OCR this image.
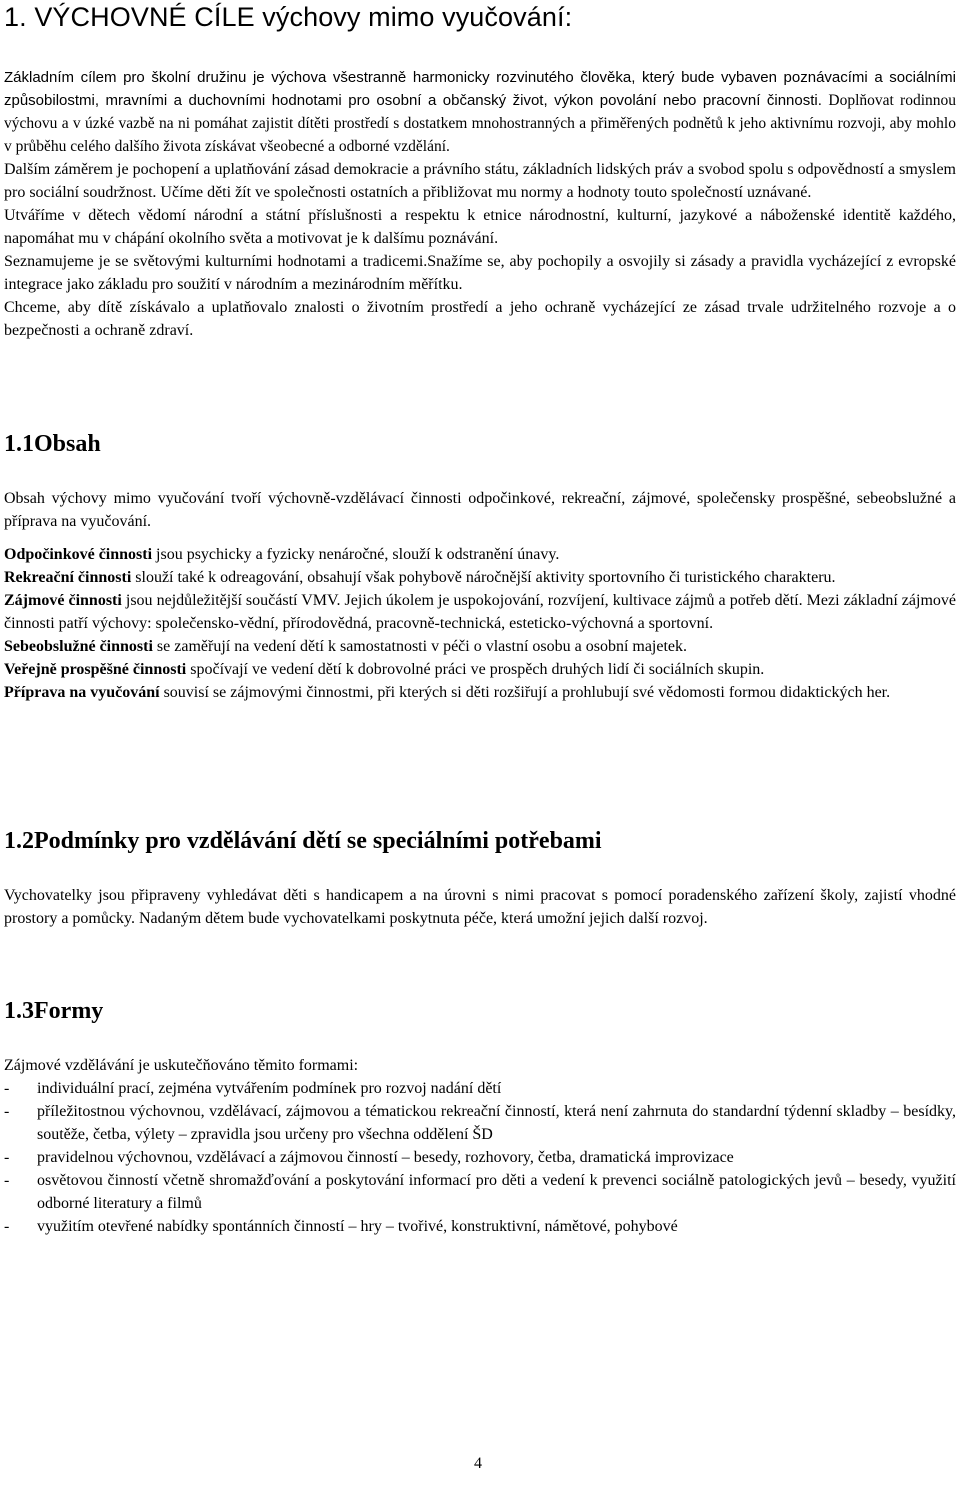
1. VÝCHOVNÉ CÍLE výchovy mimo vyučování:

Základním cílem pro školní družinu je výchova všestranně harmonicky rozvinutého člověka, který bude vybaven poznávacími a sociálními způsobilostmi, mravními a duchovními hodnotami pro osobní a občanský život, výkon povolání nebo pracovní činnosti. Doplňovat rodinnou výchovu a v úzké vazbě na ni pomáhat zajistit dítěti prostředí s dostatkem mnohostranných a přiměřených podnětů k jeho aktivnímu rozvoji, aby mohlo v průběhu celého dalšího života získávat všeobecné a odborné vzdělání.

Dalším záměrem je pochopení a uplatňování zásad demokracie a právního státu, základních lidských práv a svobod spolu s odpovědností a smyslem pro sociální soudržnost. Učíme děti žít ve společnosti ostatních a přibližovat mu normy a hodnoty touto společností uznávané.

Utváříme v dětech vědomí národní a státní příslušnosti a respektu k etnice národnostní, kulturní, jazykové a náboženské identitě každého, napomáhat mu v chápání okolního světa a motivovat je k dalšímu poznávání.

Seznamujeme je se světovými kulturními hodnotami a tradicemi.Snažíme se, aby pochopily a osvojily si zásady a pravidla vycházející z evropské integrace jako základu pro soužití v národním a mezinárodním měřítku.

Chceme, aby dítě získávalo a uplatňovalo znalosti o životním prostředí a jeho ochraně vycházející ze zásad trvale udržitelného rozvoje a o bezpečnosti a ochraně zdraví.

1.1Obsah

Obsah výchovy mimo vyučování tvoří výchovně-vzdělávací činnosti odpočinkové, rekreační, zájmové, společensky prospěšné, sebeobslužné a příprava na vyučování.

Odpočinkové činnosti jsou psychicky a fyzicky nenáročné, slouží k odstranění únavy.

Rekreační činnosti slouží také k odreagování, obsahují však pohybově náročnější aktivity sportovního či turistického charakteru.

Zájmové činnosti jsou nejdůležitější součástí VMV. Jejich úkolem je uspokojování, rozvíjení, kultivace zájmů a potřeb dětí. Mezi základní zájmové činnosti patří výchovy: společensko-vědní, přírodovědná, pracovně-technická, esteticko-výchovná a sportovní.

Sebeobslužné činnosti se zaměřují na vedení dětí k samostatnosti v péči o vlastní osobu a osobní majetek.

Veřejně prospěšné činnosti spočívají ve vedení dětí k dobrovolné práci ve prospěch druhých lidí či sociálních skupin.

Příprava na vyučování souvisí se zájmovými činnostmi, při kterých si děti rozšiřují a prohlubují své vědomosti formou didaktických her.

1.2Podmínky pro vzdělávání dětí se speciálními potřebami

Vychovatelky jsou připraveny vyhledávat děti s handicapem a na úrovni s nimi pracovat s pomocí poradenského zařízení školy, zajistí vhodné prostory a pomůcky. Nadaným dětem bude vychovatelkami poskytnuta péče, která umožní jejich další rozvoj.

1.3Formy

Zájmové vzdělávání je uskutečňováno těmito formami:

- individuální prací, zejména vytvářením podmínek pro rozvoj nadání dětí
- příležitostnou výchovnou, vzdělávací, zájmovou a tématickou rekreační činností, která není zahrnuta do standardní týdenní skladby – besídky, soutěže, četba, výlety – zpravidla jsou určeny pro všechna oddělení ŠD
- pravidelnou výchovnou, vzdělávací a zájmovou činností – besedy, rozhovory, četba, dramatická improvizace
- osvětovou činností včetně shromažďování a poskytování informací pro děti a vedení k prevenci sociálně patologických jevů – besedy, využití odborné literatury a filmů
- využitím otevřené nabídky spontánních činností – hry – tvořivé, konstruktivní, námětové, pohybové
4
